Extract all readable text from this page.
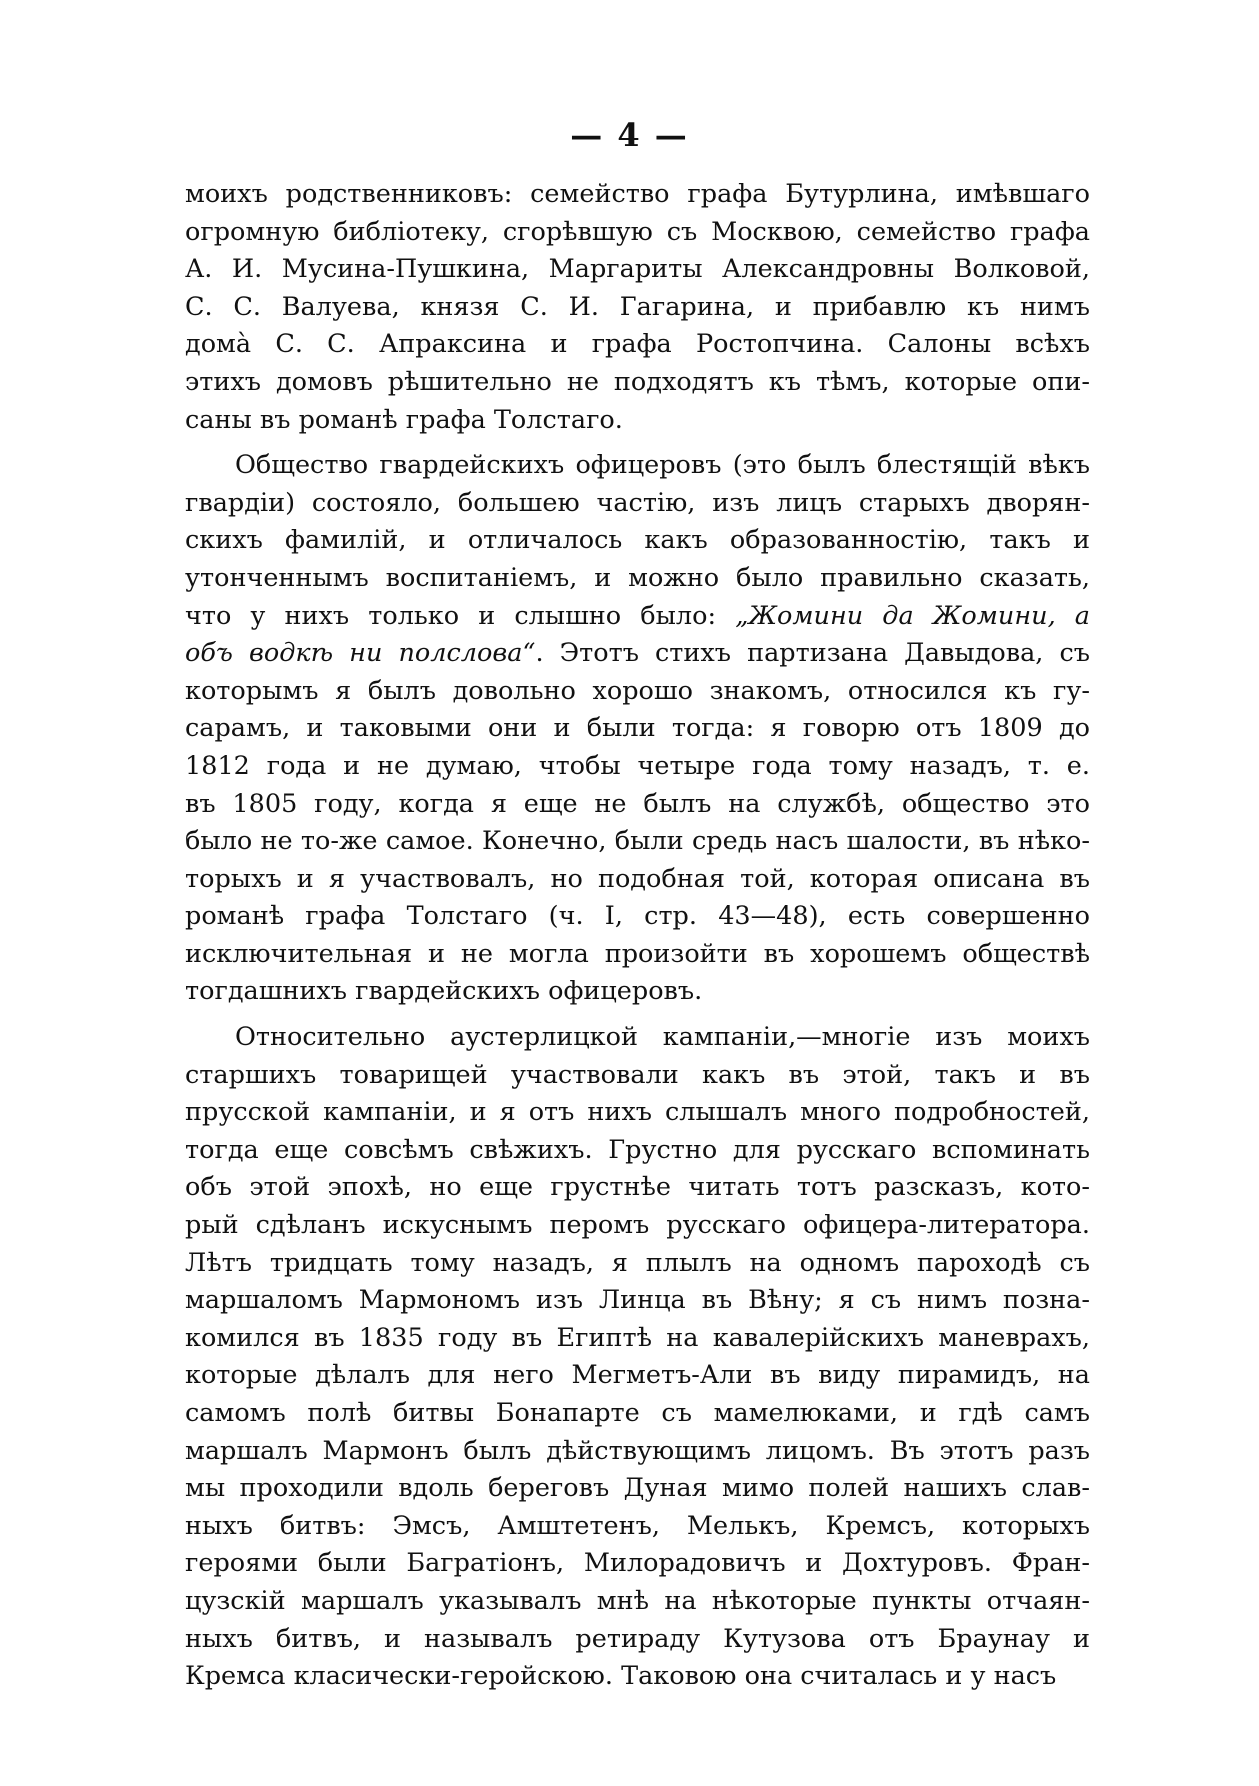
— 4 —
моихъ родственниковъ: семейство графа Бутурлина, имѣвшаго
огромную библіотеку, сгорѣвшую съ Москвою, семейство графа
А. И. Мусина-Пушкина, Маргариты Александровны Волковой,
С. С. Валуева, князя С. И. Гагарина, и прибавлю къ нимъ
домà С. С. Апраксина и графа Ростопчина. Салоны всѣхъ
этихъ домовъ рѣшительно не подходятъ къ тѣмъ, которые опи-
саны въ романѣ графа Толстаго.
Общество гвардейскихъ офицеровъ (это былъ блестящій вѣкъ
гвардіи) состояло, большею частію, изъ лицъ старыхъ дворян-
скихъ фамилій, и отличалось какъ образованностію, такъ и
утонченнымъ воспитаніемъ, и можно было правильно сказать,
что у нихъ только и слышно было: „Жомини да Жомини, а
объ водкѣ ни полслова“. Этотъ стихъ партизана Давыдова, съ
которымъ я былъ довольно хорошо знакомъ, относился къ гу-
сарамъ, и таковыми они и были тогда: я говорю отъ 1809 до
1812 года и не думаю, чтобы четыре года тому назадъ, т. е.
въ 1805 году, когда я еще не былъ на службѣ, общество это
было не то-же самое. Конечно, были средь насъ шалости, въ нѣко-
торыхъ и я участвовалъ, но подобная той, которая описана въ
романѣ графа Толстаго (ч. I, стр. 43—48), есть совершенно
исключительная и не могла произойти въ хорошемъ обществѣ
тогдашнихъ гвардейскихъ офицеровъ.
Относительно аустерлицкой кампаніи,—многіе изъ моихъ
старшихъ товарищей участвовали какъ въ этой, такъ и въ
прусской кампаніи, и я отъ нихъ слышалъ много подробностей,
тогда еще совсѣмъ свѣжихъ. Грустно для русскаго вспоминать
объ этой эпохѣ, но еще грустнѣе читать тотъ разсказъ, кото-
рый сдѣланъ искуснымъ перомъ русскаго офицера-литератора.
Лѣтъ тридцать тому назадъ, я плылъ на одномъ пароходѣ съ
маршаломъ Мармономъ изъ Линца въ Вѣну; я съ нимъ позна-
комился въ 1835 году въ Египтѣ на кавалерійскихъ маневрахъ,
которые дѣлалъ для него Мегметъ-Али въ виду пирамидъ, на
самомъ полѣ битвы Бонапарте съ мамелюками, и гдѣ самъ
маршалъ Мармонъ былъ дѣйствующимъ лицомъ. Въ этотъ разъ
мы проходили вдоль береговъ Дуная мимо полей нашихъ слав-
ныхъ битвъ: Эмсъ, Амштетенъ, Мелькъ, Кремсъ, которыхъ
героями были Багратіонъ, Милорадовичъ и Дохтуровъ. Фран-
цузскій маршалъ указывалъ мнѣ на нѣкоторые пункты отчаян-
ныхъ битвъ, и называлъ ретираду Кутузова отъ Браунау и
Кремса класически-геройскою. Таковою она считалась и у насъ
